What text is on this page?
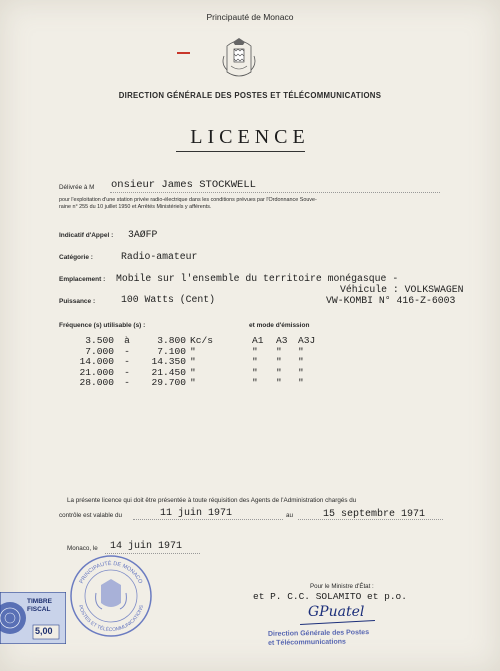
Principauté de Monaco
DIRECTION GÉNÉRALE DES POSTES ET TÉLÉCOMMUNICATIONS
LICENCE
Délivrée à M onsieur James STOCKWELL
pour l'exploitation d'une station privée radio-électrique dans les conditions prévues par l'Ordonnance Souve-
raine n° 255 du 10 juillet 1950 et Arrêtés Ministériels y afférents.
Indicatif d'Appel : 3AØFP
Catégorie :	Radio-amateur
Emplacement : Mobile sur l'ensemble du territoire monégasque -
Véhicule : VOLKSWAGEN
Puissance :	100 Watts (Cent)	VW-KOMBI N° 416-Z-6003
Fréquence (s) utilisable (s) :	et mode d'émission
3.500	à	3.800 Kc/s	A1	A3	A3J
7.000	-	7.100 "	"	"	"
14.000	-	14.350 "	"	"	"
21.000	-	21.450 "	"	"	"
28.000	-	29.700 "	"	"	"
La présente licence qui doit être présentée à toute réquisition des Agents de l'Administration chargés du
contrôle est valable du	11 juin 1971	au	15 septembre 1971
Monaco, le 14 juin 1971
Pour le Ministre d'État :
et P. C.C. SOLAMITO et p.o.
GPuatel
Direction Générale des Postes
et Télécommunications
PRINCIPAUTÉ DE MONACO
POSTES ET TÉLÉCOMMUNICATIONS
TIMBRE
FISCAL
5,00
